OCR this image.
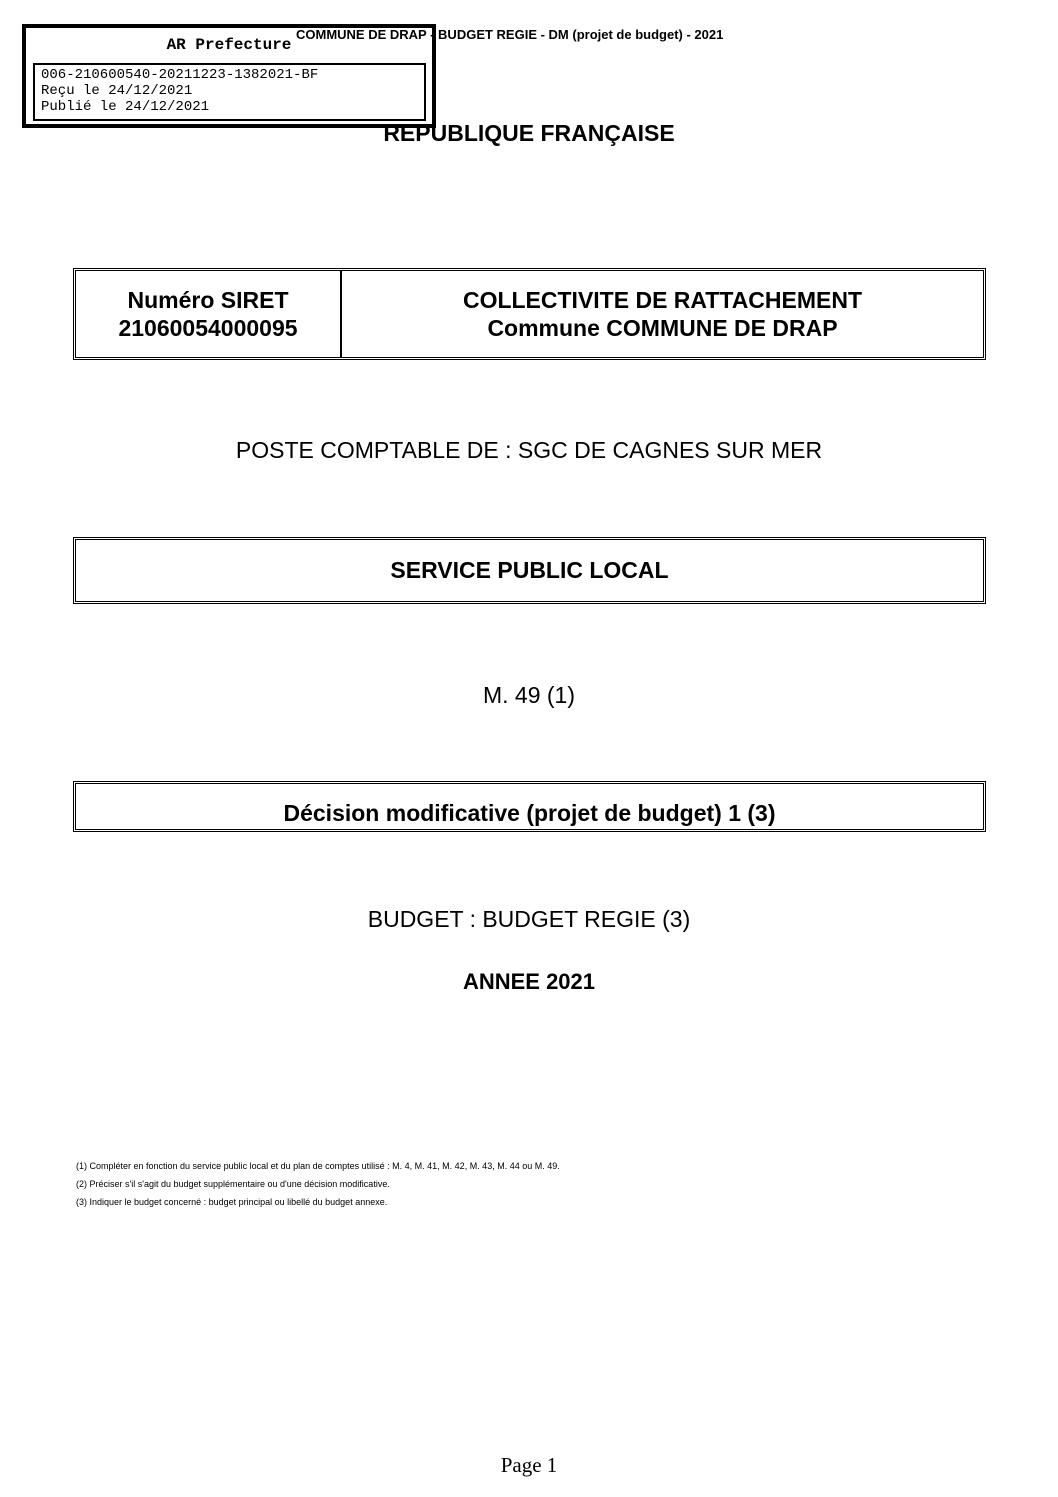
AR Prefecture
006-210600540-20211223-1382021-BF
Reçu le 24/12/2021
Publié le 24/12/2021
COMMUNE DE DRAP - BUDGET REGIE - DM (projet de budget) - 2021
REPUBLIQUE FRANÇAISE
Numéro SIRET
21060054000095
COLLECTIVITE DE RATTACHEMENT
Commune COMMUNE DE DRAP
POSTE COMPTABLE DE : SGC DE CAGNES SUR MER
SERVICE PUBLIC LOCAL
M. 49 (1)
Décision modificative (projet de budget) 1 (3)
BUDGET : BUDGET REGIE (3)
ANNEE 2021
(1) Compléter en fonction du service public local et du plan de comptes utilisé : M. 4, M. 41, M. 42, M. 43, M. 44 ou M. 49.
(2) Préciser s'il s'agit du budget supplémentaire ou d'une décision modificative.
(3) Indiquer le budget concerné : budget principal ou libellé du budget annexe.
Page 1
